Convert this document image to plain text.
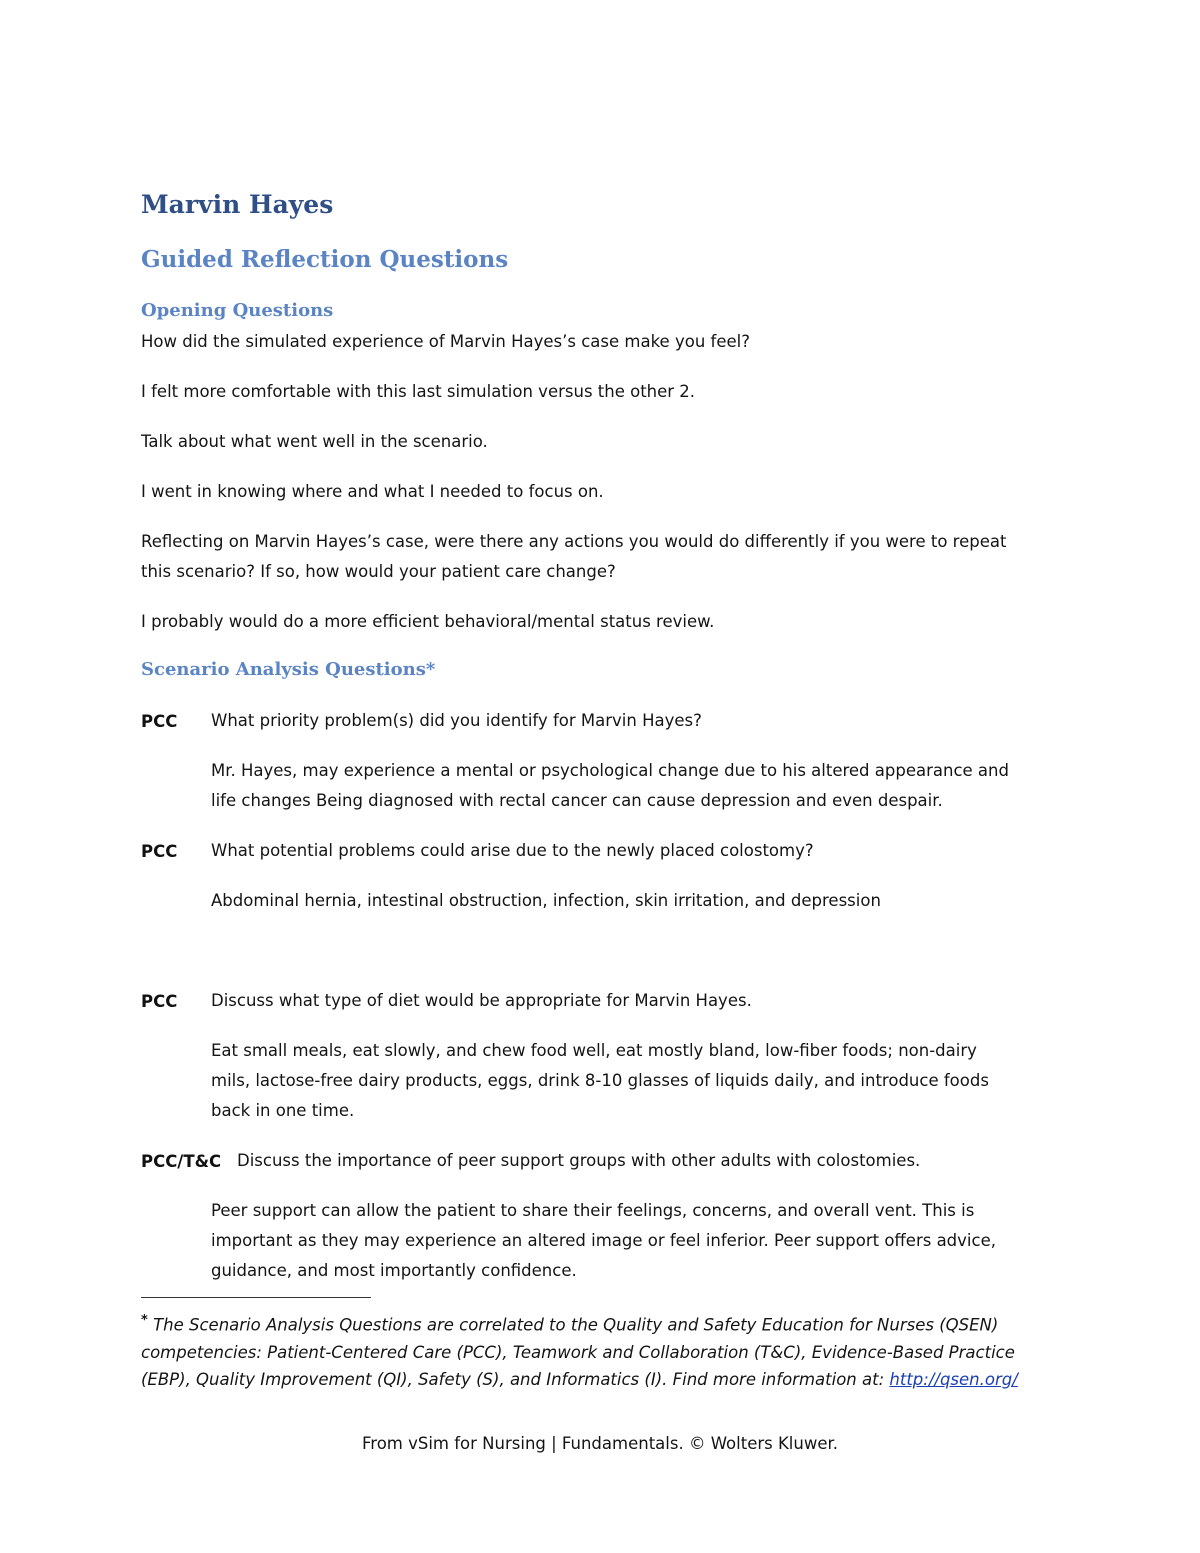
Marvin Hayes
Guided Reflection Questions
Opening Questions
How did the simulated experience of Marvin Hayes’s case make you feel?
I felt more comfortable with this last simulation versus the other 2.
Talk about what went well in the scenario.
I went in knowing where and what I needed to focus on.
Reflecting on Marvin Hayes’s case, were there any actions you would do differently if you were to repeat
this scenario? If so, how would your patient care change?
I probably would do a more efficient behavioral/mental status review.
Scenario Analysis Questions*
PCC What priority problem(s) did you identify for Marvin Hayes?
Mr. Hayes, may experience a mental or psychological change due to his altered appearance and
life changes Being diagnosed with rectal cancer can cause depression and even despair.
PCC What potential problems could arise due to the newly placed colostomy?
Abdominal hernia, intestinal obstruction, infection, skin irritation, and depression
PCC Discuss what type of diet would be appropriate for Marvin Hayes.
Eat small meals, eat slowly, and chew food well, eat mostly bland, low-fiber foods; non-dairy
mils, lactose-free dairy products, eggs, drink 8-10 glasses of liquids daily, and introduce foods
back in one time.
PCC/T&C Discuss the importance of peer support groups with other adults with colostomies.
Peer support can allow the patient to share their feelings, concerns, and overall vent. This is
important as they may experience an altered image or feel inferior. Peer support offers advice,
guidance, and most importantly confidence.
* The Scenario Analysis Questions are correlated to the Quality and Safety Education for Nurses (QSEN) competencies: Patient-Centered Care (PCC), Teamwork and Collaboration (T&C), Evidence-Based Practice (EBP), Quality Improvement (QI), Safety (S), and Informatics (I). Find more information at: http://qsen.org/
From vSim for Nursing | Fundamentals. © Wolters Kluwer.
